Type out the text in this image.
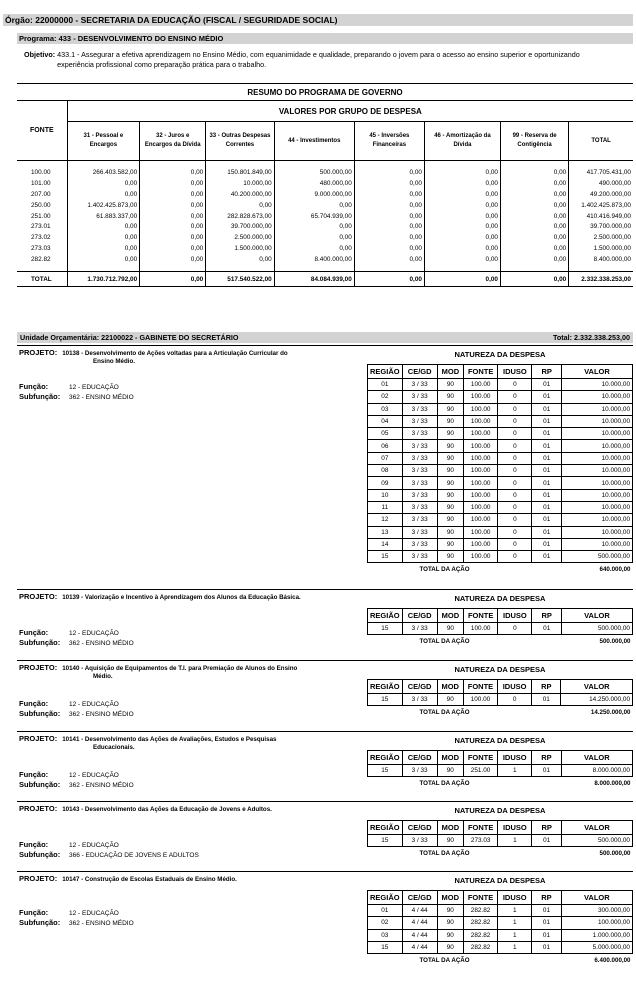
Órgão: 22000000 - SECRETARIA DA EDUCAÇÃO (FISCAL / SEGURIDADE SOCIAL)
Programa: 433 - DESENVOLVIMENTO DO ENSINO MÉDIO
Objetivo: 433.1 - Assegurar a efetiva aprendizagem no Ensino Médio, com equanimidade e qualidade, preparando o jovem para o acesso ao ensino superior e oportunizando experiência profissional como preparação prática para o trabalho.
RESUMO DO PROGRAMA DE GOVERNO								
FONTE	VALORES POR GRUPO DE DESPESA							
	31 - Pessoal e Encargos	32 - Juros e Encargos da Dívida	33 - Outras Despesas Correntes	44 - Investimentos	45 - Inversões Financeiras	46 - Amortização da Dívida	99 - Reserva de Contigência	TOTAL

100.00	266.403.582,00	0,00	150.801.849,00	500.000,00	0,00	0,00	0,00	417.705.431,00
101.00	0,00	0,00	10.000,00	480.000,00	0,00	0,00	0,00	490.000,00
207.00	0,00	0,00	40.200.000,00	9.000.000,00	0,00	0,00	0,00	49.200.000,00
250.00	1.402.425.873,00	0,00	0,00	0,00	0,00	0,00	0,00	1.402.425.873,00
251.00	61.883.337,00	0,00	282.828.673,00	65.704.939,00	0,00	0,00	0,00	410.416.949,00
273.01	0,00	0,00	39.700.000,00	0,00	0,00	0,00	0,00	39.700.000,00
273.02	0,00	0,00	2.500.000,00	0,00	0,00	0,00	0,00	2.500.000,00
273.03	0,00	0,00	1.500.000,00	0,00	0,00	0,00	0,00	1.500.000,00
282.82	0,00	0,00	0,00	8.400.000,00	0,00	0,00	0,00	8.400.000,00

TOTAL	1.730.712.792,00	0,00	517.540.522,00	84.084.939,00	0,00	0,00	0,00	2.332.338.253,00
Unidade Orçamentária: 22100022 - GABINETE DO SECRETÁRIO	Total: 2.332.338.253,00
PROJETO: 10138 - Desenvolvimento de Ações voltadas para a Articulação Curricular do
Ensino Médio.
NATUREZA DA DESPESA
Função:	12 - EDUCAÇÃO
Subfunção: 362 - ENSINO MÉDIO
REGIÃO	CE/GD	MOD	FONTE	IDUSO	RP	VALOR
01	3 / 33	90	100.00	0	01	10.000,00
02	3 / 33	90	100.00	0	01	10.000,00
03	3 / 33	90	100.00	0	01	10.000,00
04	3 / 33	90	100.00	0	01	10.000,00
05	3 / 33	90	100.00	0	01	10.000,00
06	3 / 33	90	100.00	0	01	10.000,00
07	3 / 33	90	100.00	0	01	10.000,00
08	3 / 33	90	100.00	0	01	10.000,00
09	3 / 33	90	100.00	0	01	10.000,00
10	3 / 33	90	100.00	0	01	10.000,00
11	3 / 33	90	100.00	0	01	10.000,00
12	3 / 33	90	100.00	0	01	10.000,00
13	3 / 33	90	100.00	0	01	10.000,00
14	3 / 33	90	100.00	0	01	10.000,00
15	3 / 33	90	100.00	0	01	500.000,00
TOTAL DA AÇÃO						640.000,00
PROJETO: 10139 - Valorização e Incentivo à Aprendizagem dos Alunos da Educação Básica.	NATUREZA DA DESPESA
Função:	12 - EDUCAÇÃO
Subfunção: 362 - ENSINO MÉDIO
REGIÃO	CE/GD	MOD	FONTE	IDUSO	RP	VALOR
15	3 / 33	90	100.00	0	01	500.000,00
TOTAL DA AÇÃO						500.000,00
PROJETO: 10140 - Aquisição de Equipamentos de T.I. para Premiação de Alunos do Ensino
Médio.
NATUREZA DA DESPESA
Função:	12 - EDUCAÇÃO
Subfunção: 362 - ENSINO MÉDIO
REGIÃO	CE/GD	MOD	FONTE	IDUSO	RP	VALOR
15	3 / 33	90	100.00	0	01	14.250.000,00
TOTAL DA AÇÃO						14.250.000,00
PROJETO: 10141 - Desenvolvimento das Ações de Avaliações, Estudos e Pesquisas
Educacionais.
NATUREZA DA DESPESA
Função:	12 - EDUCAÇÃO
Subfunção: 362 - ENSINO MÉDIO
REGIÃO	CE/GD	MOD	FONTE	IDUSO	RP	VALOR
15	3 / 33	90	251.00	1	01	8.000.000,00
TOTAL DA AÇÃO						8.000.000,00
PROJETO: 10143 - Desenvolvimento das Ações da Educação de Jovens e Adultos.	NATUREZA DA DESPESA
Função:	12 - EDUCAÇÃO
Subfunção: 366 - EDUCAÇÃO DE JOVENS E ADULTOS
REGIÃO	CE/GD	MOD	FONTE	IDUSO	RP	VALOR
15	3 / 33	90	273.03	1	01	500.000,00
TOTAL DA AÇÃO						500.000,00
PROJETO: 10147 - Construção de Escolas Estaduais de Ensino Médio.	NATUREZA DA DESPESA
Função:	12 - EDUCAÇÃO
Subfunção: 362 - ENSINO MÉDIO
REGIÃO	CE/GD	MOD	FONTE	IDUSO	RP	VALOR
01	4 / 44	90	282.82	1	01	300.000,00
02	4 / 44	90	282.82	1	01	100.000,00
03	4 / 44	90	282.82	1	01	1.000.000,00
15	4 / 44	90	282.82	1	01	5.000.000,00
TOTAL DA AÇÃO						6.400.000,00
